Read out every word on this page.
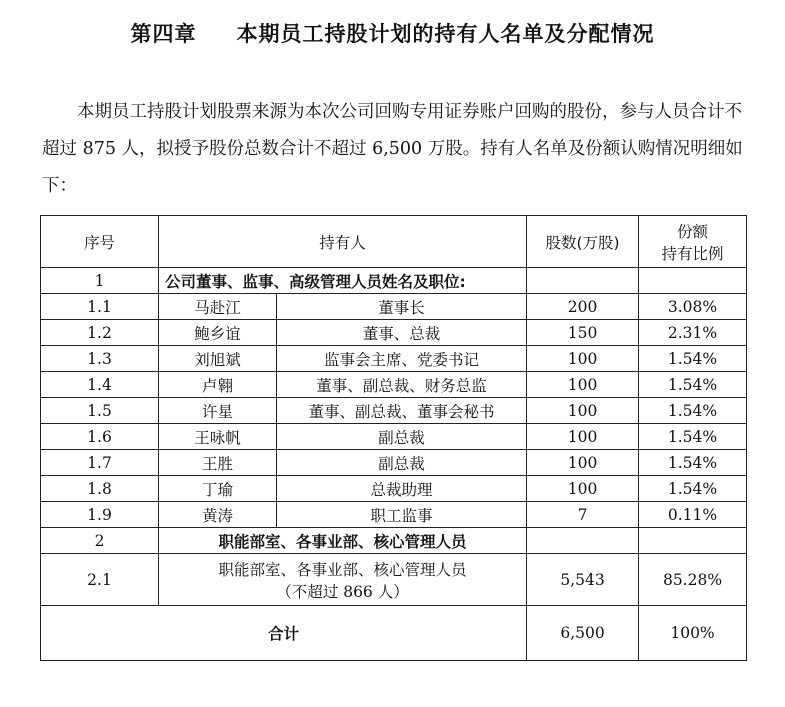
第四章 本期员工持股计划的持有人名单及分配情况
本期员工持股计划股票来源为本次公司回购专用证券账户回购的股份，参与人员合计不超过 875 人，拟授予股份总数合计不超过 6,500 万股。持有人名单及份额认购情况明细如下：
序号	持有人		股数(万股)	份额
持有比例
1	公司董事、监事、高级管理人员姓名及职位:			
1.1	马赴江	董事长	200	3.08%
1.2	鲍乡谊	董事、总裁	150	2.31%
1.3	刘旭斌	监事会主席、党委书记	100	1.54%
1.4	卢翱	董事、副总裁、财务总监	100	1.54%
1.5	许星	董事、副总裁、董事会秘书	100	1.54%
1.6	王咏帆	副总裁	100	1.54%
1.7	王胜	副总裁	100	1.54%
1.8	丁瑜	总裁助理	100	1.54%
1.9	黄涛	职工监事	7	0.11%
2	职能部室、各事业部、核心管理人员			
2.1	职能部室、各事业部、核心管理人员
（不超过 866 人）		5,543	85.28%
合计			6,500	100%
